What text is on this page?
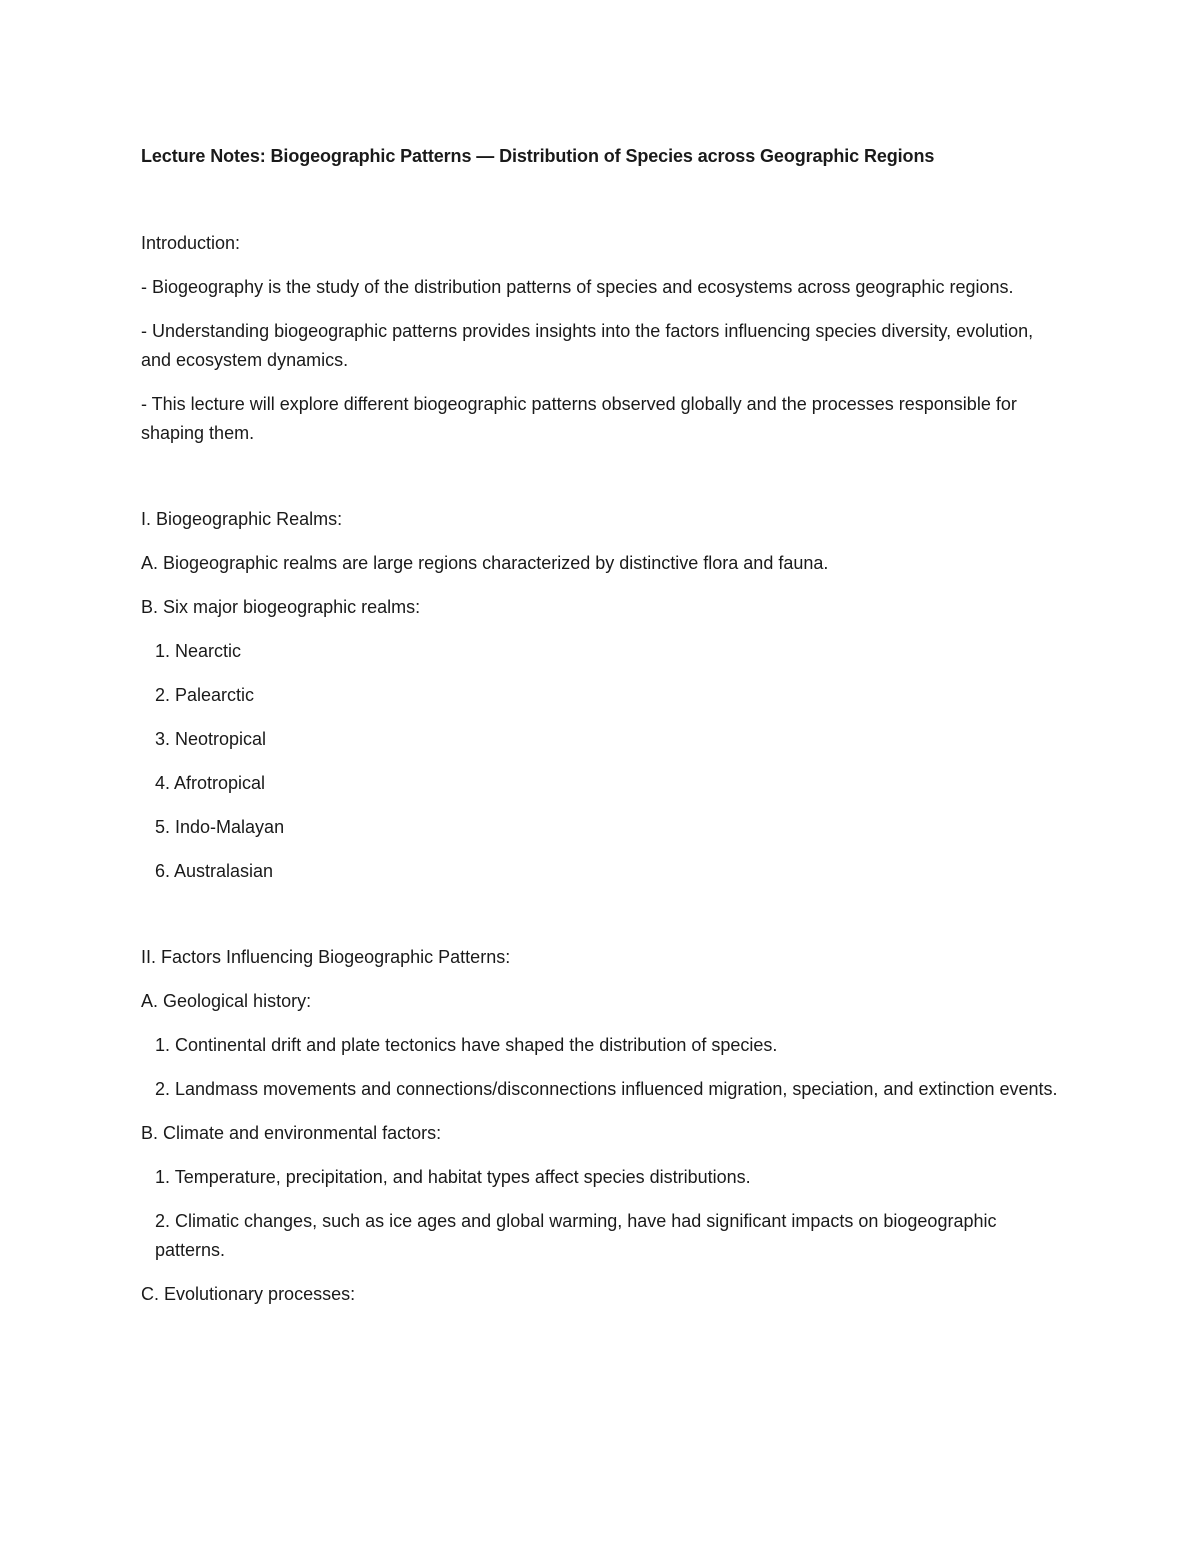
Lecture Notes: Biogeographic Patterns — Distribution of Species across Geographic Regions

Introduction:

- Biogeography is the study of the distribution patterns of species and ecosystems across geographic regions.

- Understanding biogeographic patterns provides insights into the factors influencing species diversity, evolution, and ecosystem dynamics.

- This lecture will explore different biogeographic patterns observed globally and the processes responsible for shaping them.

I. Biogeographic Realms:

A. Biogeographic realms are large regions characterized by distinctive flora and fauna.

B. Six major biogeographic realms:

1. Nearctic

2. Palearctic

3. Neotropical

4. Afrotropical

5. Indo-Malayan

6. Australasian

II. Factors Influencing Biogeographic Patterns:

A. Geological history:

1. Continental drift and plate tectonics have shaped the distribution of species.

2. Landmass movements and connections/disconnections influenced migration, speciation, and extinction events.

B. Climate and environmental factors:

1. Temperature, precipitation, and habitat types affect species distributions.

2. Climatic changes, such as ice ages and global warming, have had significant impacts on biogeographic patterns.

C. Evolutionary processes:
